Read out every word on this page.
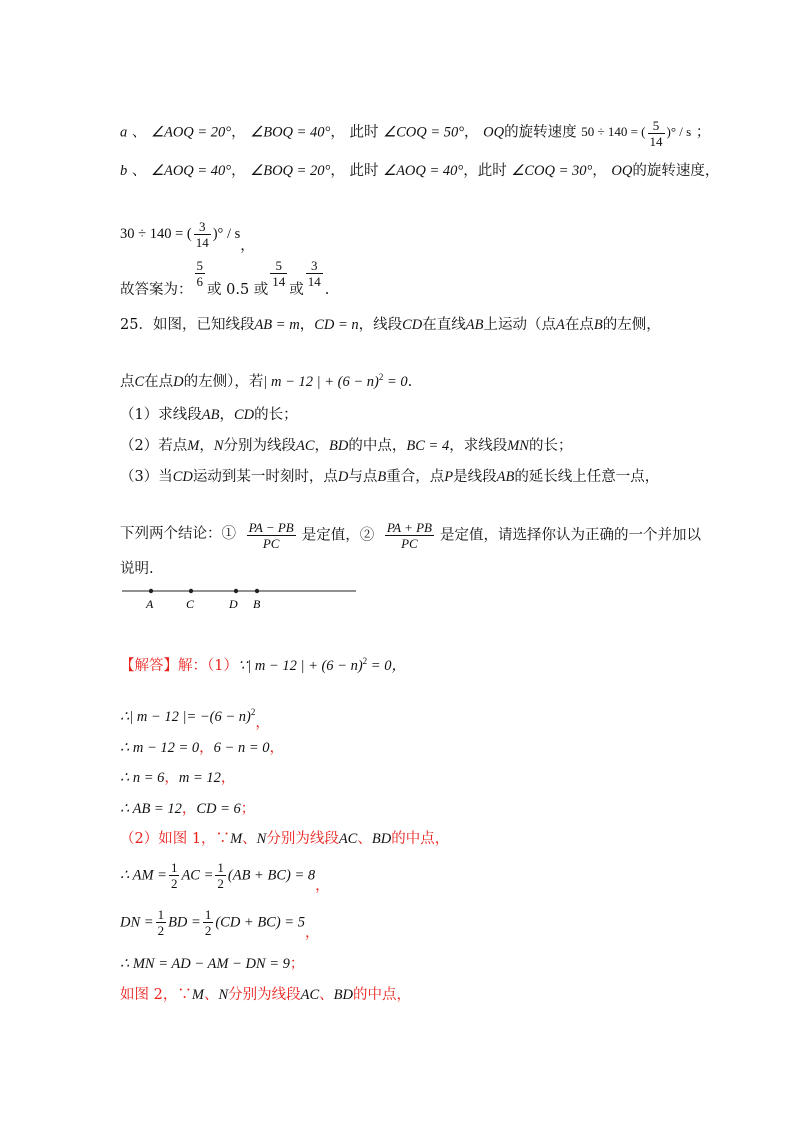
a 、 ∠AOQ = 20°， ∠BOQ = 40°， 此时 ∠COQ = 50°， OQ的旋转速度 50 ÷ 140 = ( $\frac{5}{14}$ )° / s ；
b 、 ∠AOQ = 40°， ∠BOQ = 20°， 此时 ∠AOQ = 40°，此时 ∠COQ = 30°， OQ的旋转速度，
30 ÷ 140 = ( $\frac{3}{14}$ )° / s，
故答案为：
$\frac{5}{6}$
或 0.5 或
$\frac{5}{14}$
或
$\frac{3}{14}$
.
25．如图，已知线段AB = m，CD = n，线段CD在直线AB上运动（点A在点B的左侧，
点C在点D的左侧），若| m − 12 | + $(6 - n)^2 = 0$.
（1）求线段AB，CD的长；
（2）若点M，N分别为线段AC，BD的中点，BC = 4，求线段MN的长；
（3）当CD运动到某一时刻时，点D与点B重合，点P是线段AB的延长线上任意一点，
下列两个结论：① $\frac{PA - PB}{PC}$ 是定值，② $\frac{PA + PB}{PC}$ 是定值，请选择你认为正确的一个并加以
说明.
A	C	D B
【解答】解：（1）∵| m − 12 | + $(6 - n)^2 = 0$，
∴| m − 12 |= $-(6 - n)^2$，
∴ m − 12 = 0，6 − n = 0，
∴ n = 6，m = 12，
∴ AB = 12，CD = 6；
（2）如图 1，∵M、N分别为线段AC、BD的中点，
∴ AM = $\frac{1}{2}$ AC = $\frac{1}{2} (AB + BC) = 8$，
DN = $\frac{1}{2}$ BD = $\frac{1}{2} (CD + BC) = 5$，
∴ MN = AD − AM − DN = 9；
如图 2，∵M、N分别为线段AC、BD的中点，
